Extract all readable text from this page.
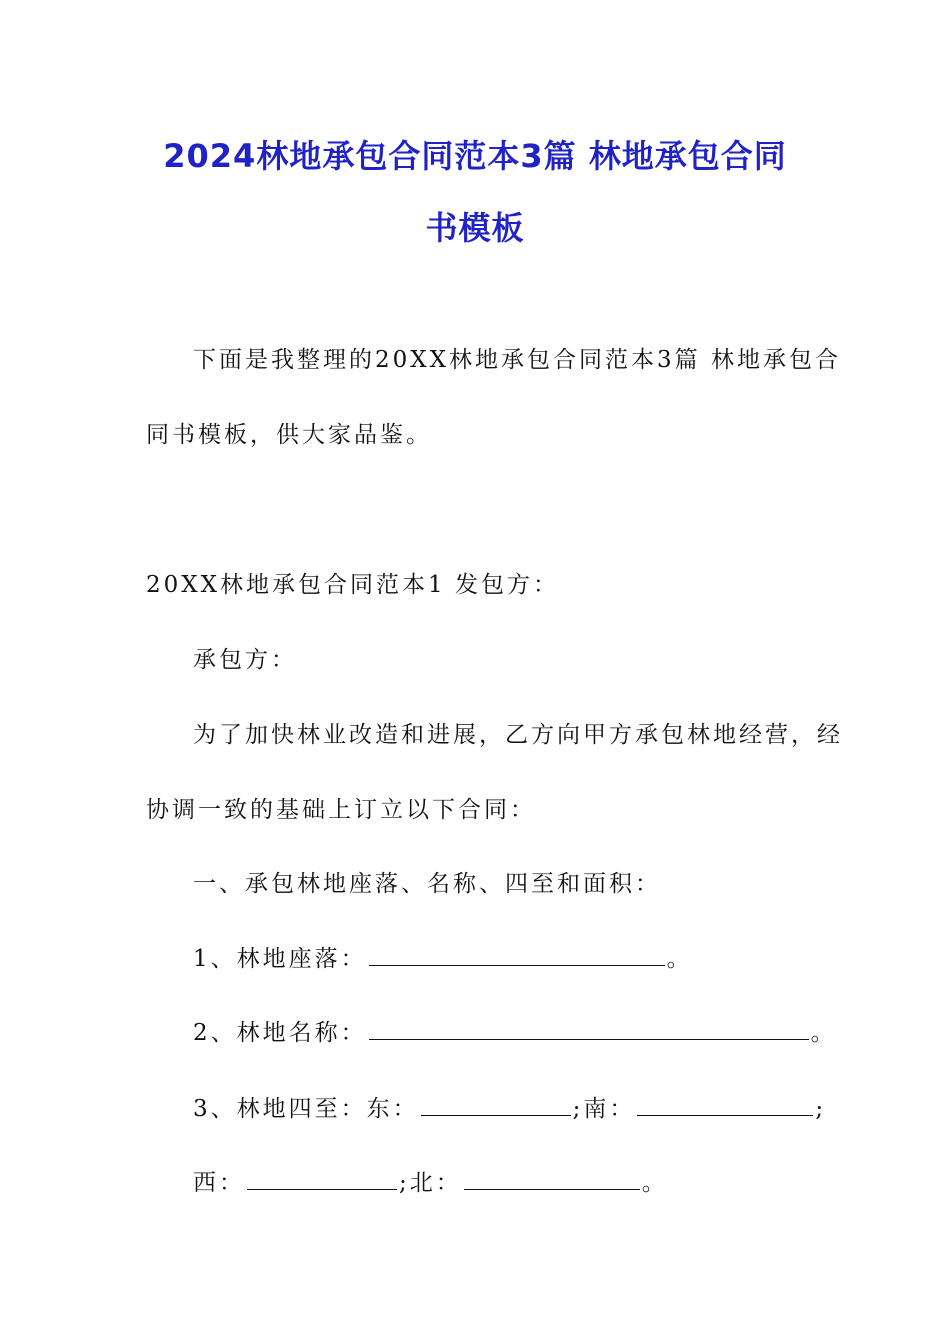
2024林地承包合同范本3篇 林地承包合同
书模板
下面是我整理的20XX林地承包合同范本3篇 林地承包合
同书模板，供大家品鉴。
20XX林地承包合同范本1 发包方：
承包方：
为了加快林业改造和进展，乙方向甲方承包林地经营，经
协调一致的基础上订立以下合同：
一、承包林地座落、名称、四至和面积：
1、林地座落：	。
2、林地名称：	。
3、林地四至：东：	;南：	;
西：	;北：	。
